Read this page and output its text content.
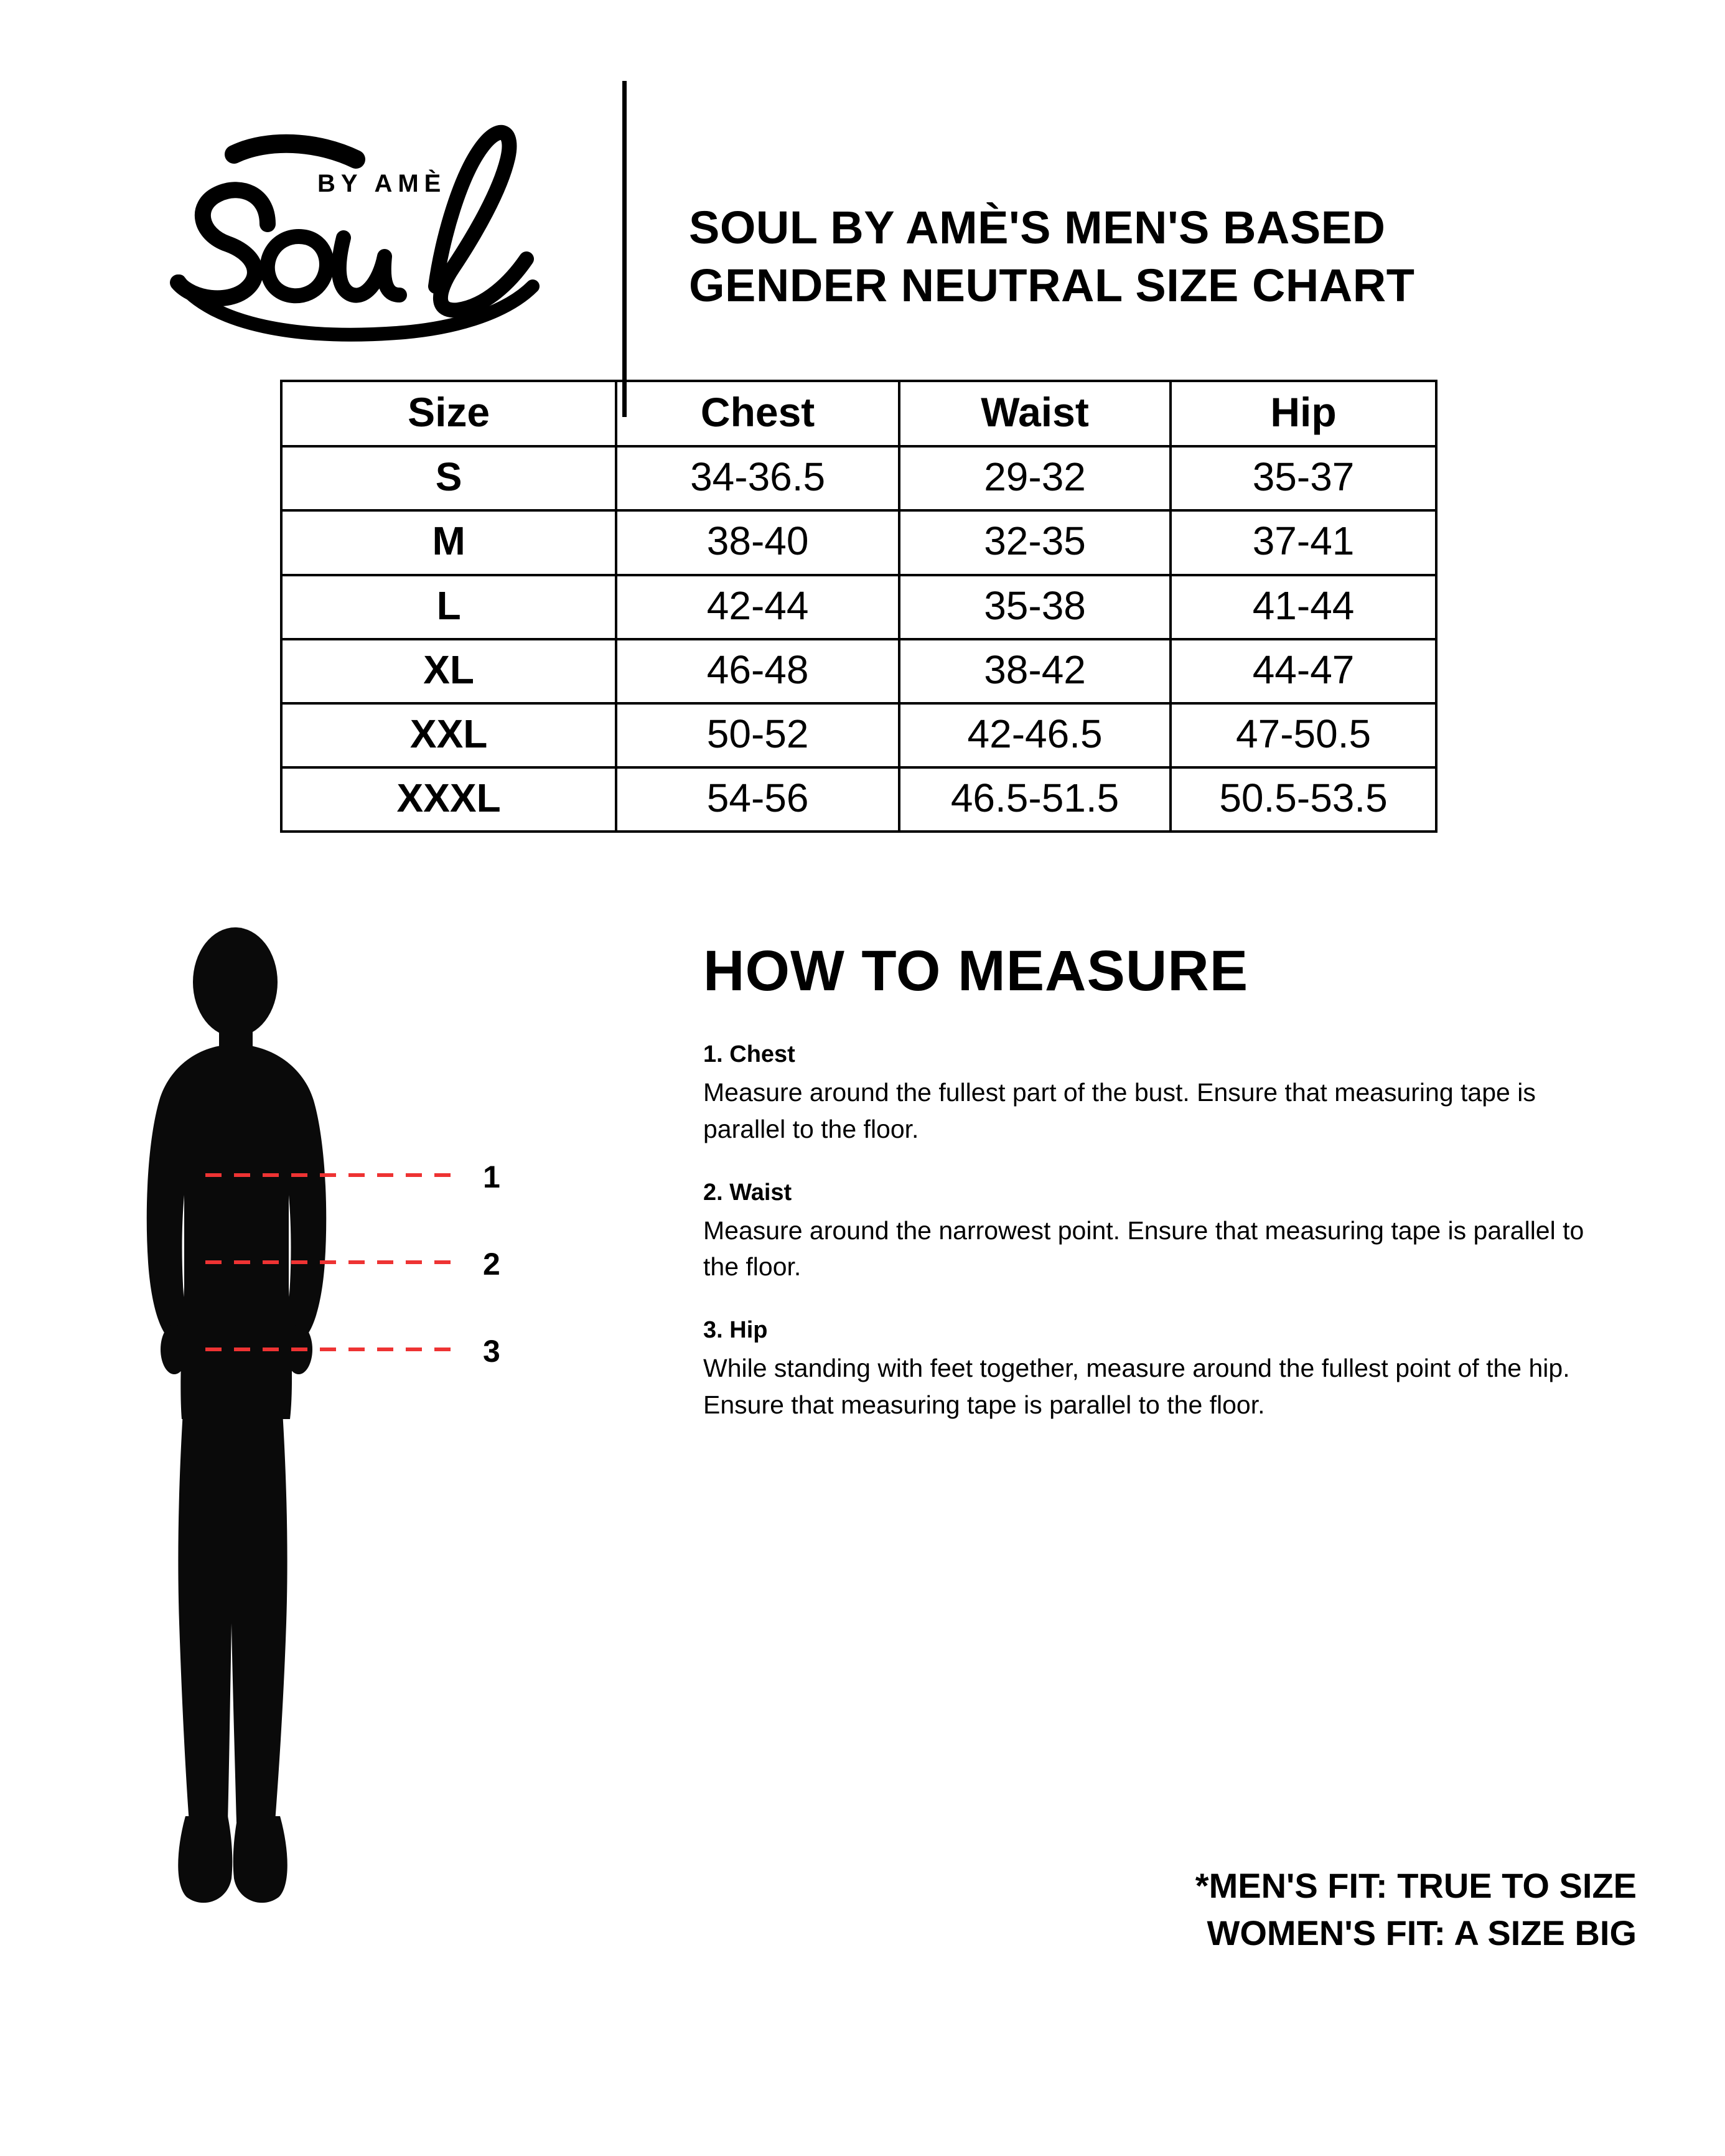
BY AMÈ
SOUL BY AMÈ'S MEN'S BASED
GENDER NEUTRAL SIZE CHART
Size	Chest	Waist	Hip
S	34-36.5	29-32	35-37
M	38-40	32-35	37-41
L	42-44	35-38	41-44
XL	46-48	38-42	44-47
XXL	50-52	42-46.5	47-50.5
XXXL	54-56	46.5-51.5	50.5-53.5
1
2
3
HOW TO MEASURE
1. Chest
Measure around the fullest part of the bust. Ensure that measuring tape is parallel to the floor.
2. Waist
Measure around the narrowest point. Ensure that measuring tape is parallel to the floor.
3. Hip
While standing with feet together, measure around the fullest point of the hip. Ensure that measuring tape is parallel to the floor.
*MEN'S FIT: TRUE TO SIZE
WOMEN'S FIT: A SIZE BIG
